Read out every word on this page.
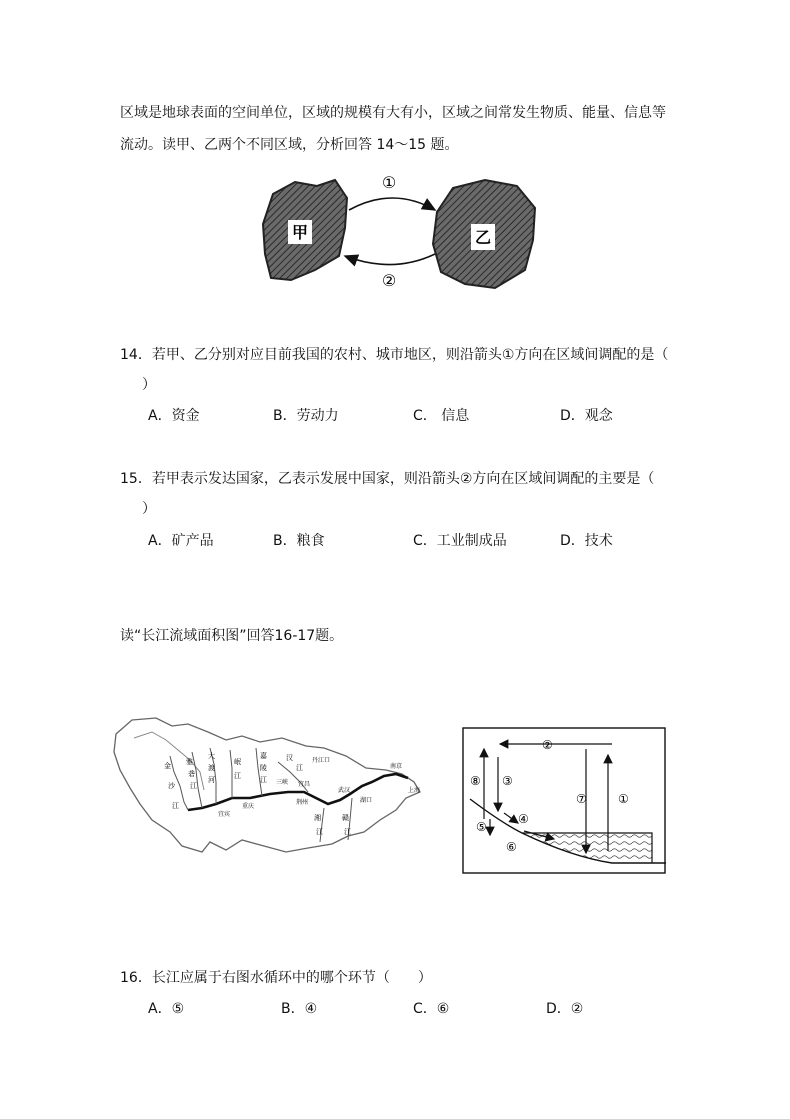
区域是地球表面的空间单位，区域的规模有大有小，区域之间常发生物质、能量、信息等
流动。读甲、乙两个不同区域，分析回答 14～15 题。
甲	乙
①
②
14．若甲、乙分别对应目前我国的农村、城市地区，则沿箭头①方向在区域间调配的是（
）
A．资金	B．劳动力	C． 信息	D．观念
15．若甲表示发达国家，乙表示发展中国家，则沿箭头②方向在区域间调配的主要是（
）
A．矿产品	B．粮食	C．工业制成品	D．技术
读“长江流域面积图”回答16-17题。
金
沙
江
雅
砻
江
大
渡
河
岷
江
嘉
陵
江
汉
江
丹江口
三峡 宜昌
重庆
宜宾
武汉
湘
江
赣
江
湖口
荆州
上海
南京
②
⑧ ③
④
⑤
⑥
⑦	①
16．长江应属于右图水循环中的哪个环节（　　）
A．⑤	B．④	C．⑥	D．②
